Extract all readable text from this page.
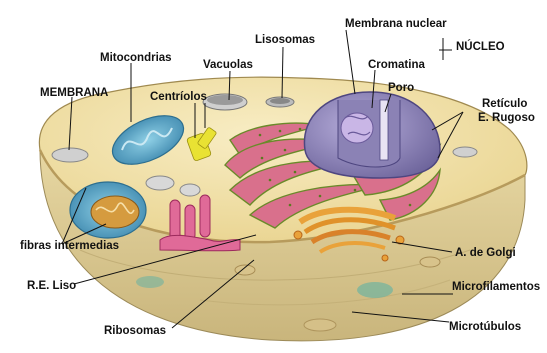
Membrana nuclear
Lisosomas
Mitocondrias
Vacuolas	Cromatina
NÚCLEO
MEMBRANA	Centríolos
Poro
Retículo
E. Rugoso
fibras intermedias
A. de Golgi
R.E. Liso	Microfilamentos
Ribosomas	Microtúbulos
